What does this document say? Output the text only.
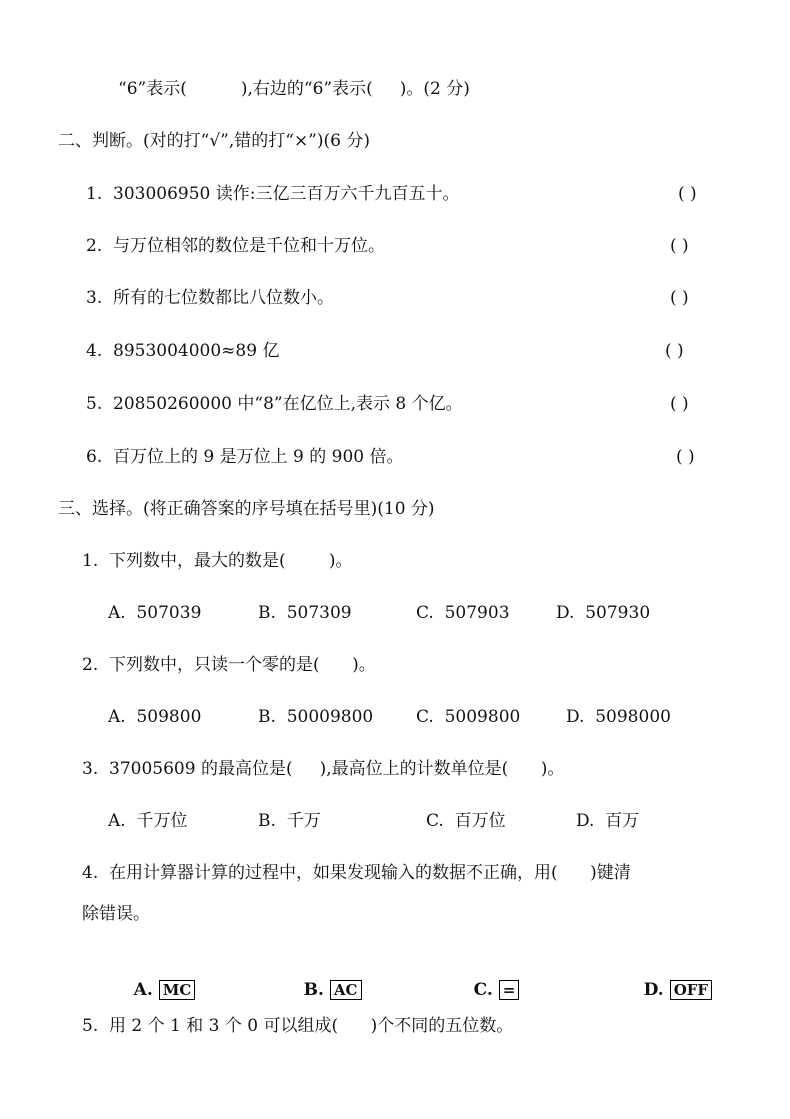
“6”表示(          ),右边的“6”表示(     )。(2 分)
二、判断。(对的打“√”,错的打“×”)(6 分)
1.  303006950 读作:三亿三百万六千九百五十。	( )
2.  与万位相邻的数位是千位和十万位。	( )
3.  所有的七位数都比八位数小。	( )
4.  8953004000≈89 亿	( )
5.  20850260000 中“8”在亿位上,表示 8 个亿。	( )
6.  百万位上的 9 是万位上 9 的 900 倍。	( )
三、选择。(将正确答案的序号填在括号里)(10 分)
1.  下列数中，最大的数是(        )。
A.  507039	B.  507309	C.  507903	D.  507930
2.  下列数中，只读一个零的是(      )。
A.  509800	B.  50009800	C.  5009800	D.  5098000
3.  37005609 的最高位是(     ),最高位上的计数单位是(      )。
A.  千万位	B.  千万	C.  百万位	D.  百万
4.  在用计算器计算的过程中，如果发现输入的数据不正确，用(      )键清
除错误。

A. MC
	B. AC
	C. =
	D. OFF

5.  用 2 个 1 和 3 个 0 可以组成(      )个不同的五位数。
